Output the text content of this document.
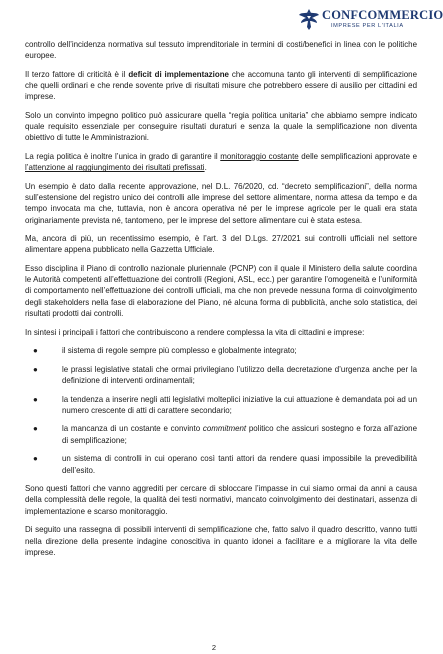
CONFCOMMERCIO
IMPRESE PER L'ITALIA

controllo dell’incidenza normativa sul tessuto imprenditoriale in termini di costi/benefici in linea con le politiche europee.

Il terzo fattore di criticità è il deficit di implementazione che accomuna tanto gli interventi di semplificazione che quelli ordinari e che rende sovente prive di risultati misure che potrebbero essere di ausilio per cittadini ed imprese.

Solo un convinto impegno politico può assicurare quella “regia politica unitaria” che abbiamo sempre indicato quale requisito essenziale per conseguire risultati duraturi e senza la quale la semplificazione non diventa obiettivo di tutte le Amministrazioni.

La regia politica è inoltre l’unica in grado di garantire il monitoraggio costante delle semplificazioni approvate e l’attenzione al raggiungimento dei risultati prefissati.

Un esempio è dato dalla recente approvazione, nel D.L. 76/2020, cd. “decreto semplificazioni”, della norma sull’estensione del registro unico dei controlli alle imprese del settore alimentare, norma attesa da tempo e da tempo invocata ma che, tuttavia, non è ancora operativa né per le imprese agricole per le quali era stata originariamente prevista né, tantomeno, per le imprese del settore alimentare cui è stata estesa.

Ma, ancora di più, un recentissimo esempio, è l’art. 3 del D.Lgs. 27/2021 sui controlli ufficiali nel settore alimentare appena pubblicato nella Gazzetta Ufficiale.

Esso disciplina il Piano di controllo nazionale pluriennale (PCNP) con il quale il Ministero della salute coordina le Autorità competenti all’effettuazione dei controlli (Regioni, ASL, ecc.) per garantire l’omogeneità e l’uniformità di comportamento nell’effettuazione dei controlli ufficiali, ma che non prevede nessuna forma di coinvolgimento degli stakeholders nella fase di elaborazione del Piano, né alcuna forma di pubblicità, anche solo statistica, dei risultati prodotti dai controlli.

In sintesi i principali i fattori che contribuiscono a rendere complessa la vita di cittadini e imprese:

●	il sistema di regole sempre più complesso e globalmente integrato;
●	le prassi legislative statali che ormai privilegiano l’utilizzo della decretazione d’urgenza anche per la definizione di interventi ordinamentali;
●	la tendenza a inserire negli atti legislativi molteplici iniziative la cui attuazione è demandata poi ad un numero crescente di atti di carattere secondario;
●	la mancanza di un costante e convinto commitment politico che assicuri sostegno e forza all’azione di semplificazione;
●	un sistema di controlli in cui operano così tanti attori da rendere quasi impossibile la prevedibilità dell’esito.

Sono questi fattori che vanno aggrediti per cercare di sbloccare l’impasse in cui siamo ormai da anni a causa della complessità delle regole, la qualità dei testi normativi, mancato coinvolgimento dei destinatari, assenza di implementazione e scarso monitoraggio.

Di seguito una rassegna di possibili interventi di semplificazione che, fatto salvo il quadro descritto, vanno tutti nella direzione della presente indagine conoscitiva in quanto idonei a facilitare e a migliorare la vita delle imprese.

2
